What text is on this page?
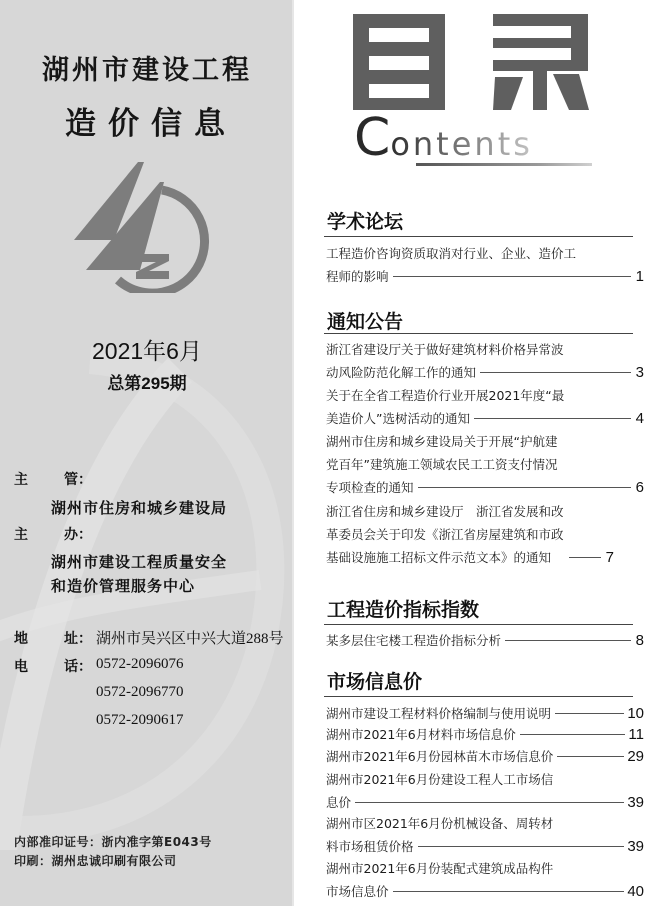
湖州市建设工程
造价信息
2021年6月
总第295期
主	管：
湖州市住房和城乡建设局
主	办：
湖州市建设工程质量安全
和造价管理服务中心
地	址： 湖州市吴兴区中兴大道288号
电	话： 0572-2096076
0572-2096770
0572-2090617
内部准印证号：浙内准字第E043号
印刷：湖州忠诚印刷有限公司
Contents
学术论坛
工程造价咨询资质取消对行业、企业、造价工
程师的影响	1
通知公告
浙江省建设厅关于做好建筑材料价格异常波
动风险防范化解工作的通知	3
关于在全省工程造价行业开展2021年度“最
美造价人”选树活动的通知	4
湖州市住房和城乡建设局关于开展“护航建
党百年”建筑施工领域农民工工资支付情况
专项检查的通知	6
浙江省住房和城乡建设厅　浙江省发展和改
革委员会关于印发《浙江省房屋建筑和市政
基础设施施工招标文件示范文本》的通知	7
工程造价指标指数
某多层住宅楼工程造价指标分析	8
市场信息价
湖州市建设工程材料价格编制与使用说明	10
湖州市2021年6月材料市场信息价	11
湖州市2021年6月份园林苗木市场信息价	29
湖州市2021年6月份建设工程人工市场信
息价	39
湖州市区2021年6月份机械设备、周转材
料市场租赁价格	39
湖州市2021年6月份装配式建筑成品构件
市场信息价	40
